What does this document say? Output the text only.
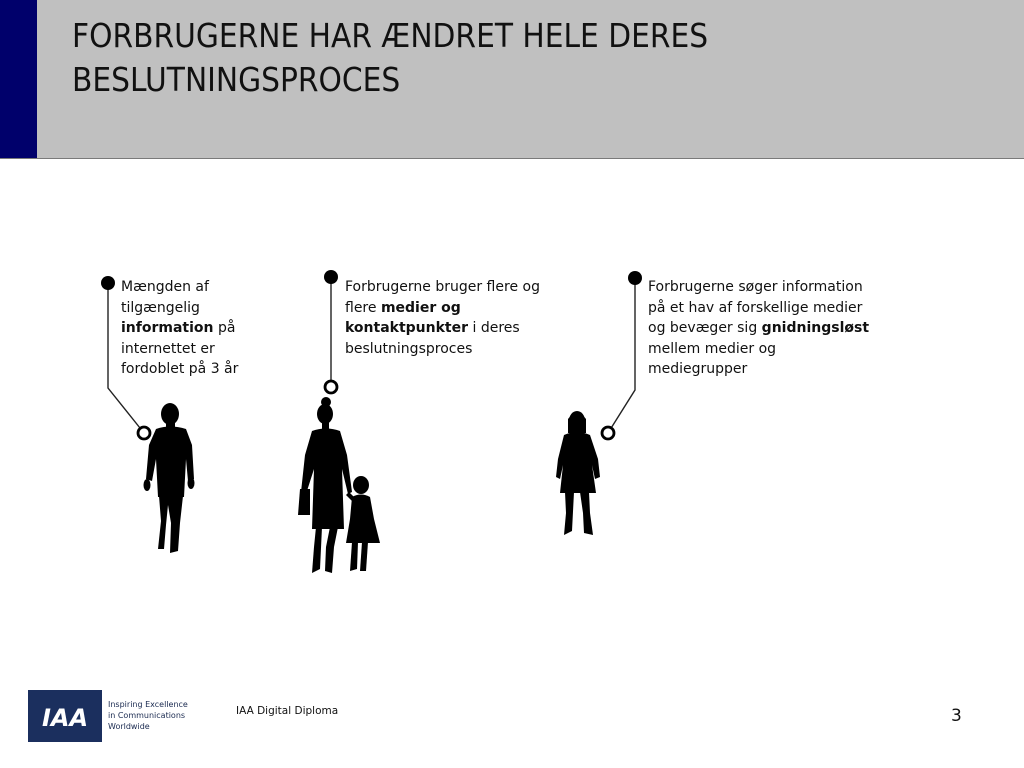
FORBRUGERNE HAR ÆNDRET HELE DERES
BESLUTNINGSPROCES

Mængden af tilgængelig information på internettet er fordoblet på 3 år

Forbrugerne bruger flere og flere medier og kontaktpunkter i deres beslutningsproces

Forbrugerne søger information på et hav af forskellige medier og bevæger sig gnidningsløst mellem medier og mediegrupper

IAA Inspiring Excellence
in Communications
Worldwide
IAA Digital Diploma	3
